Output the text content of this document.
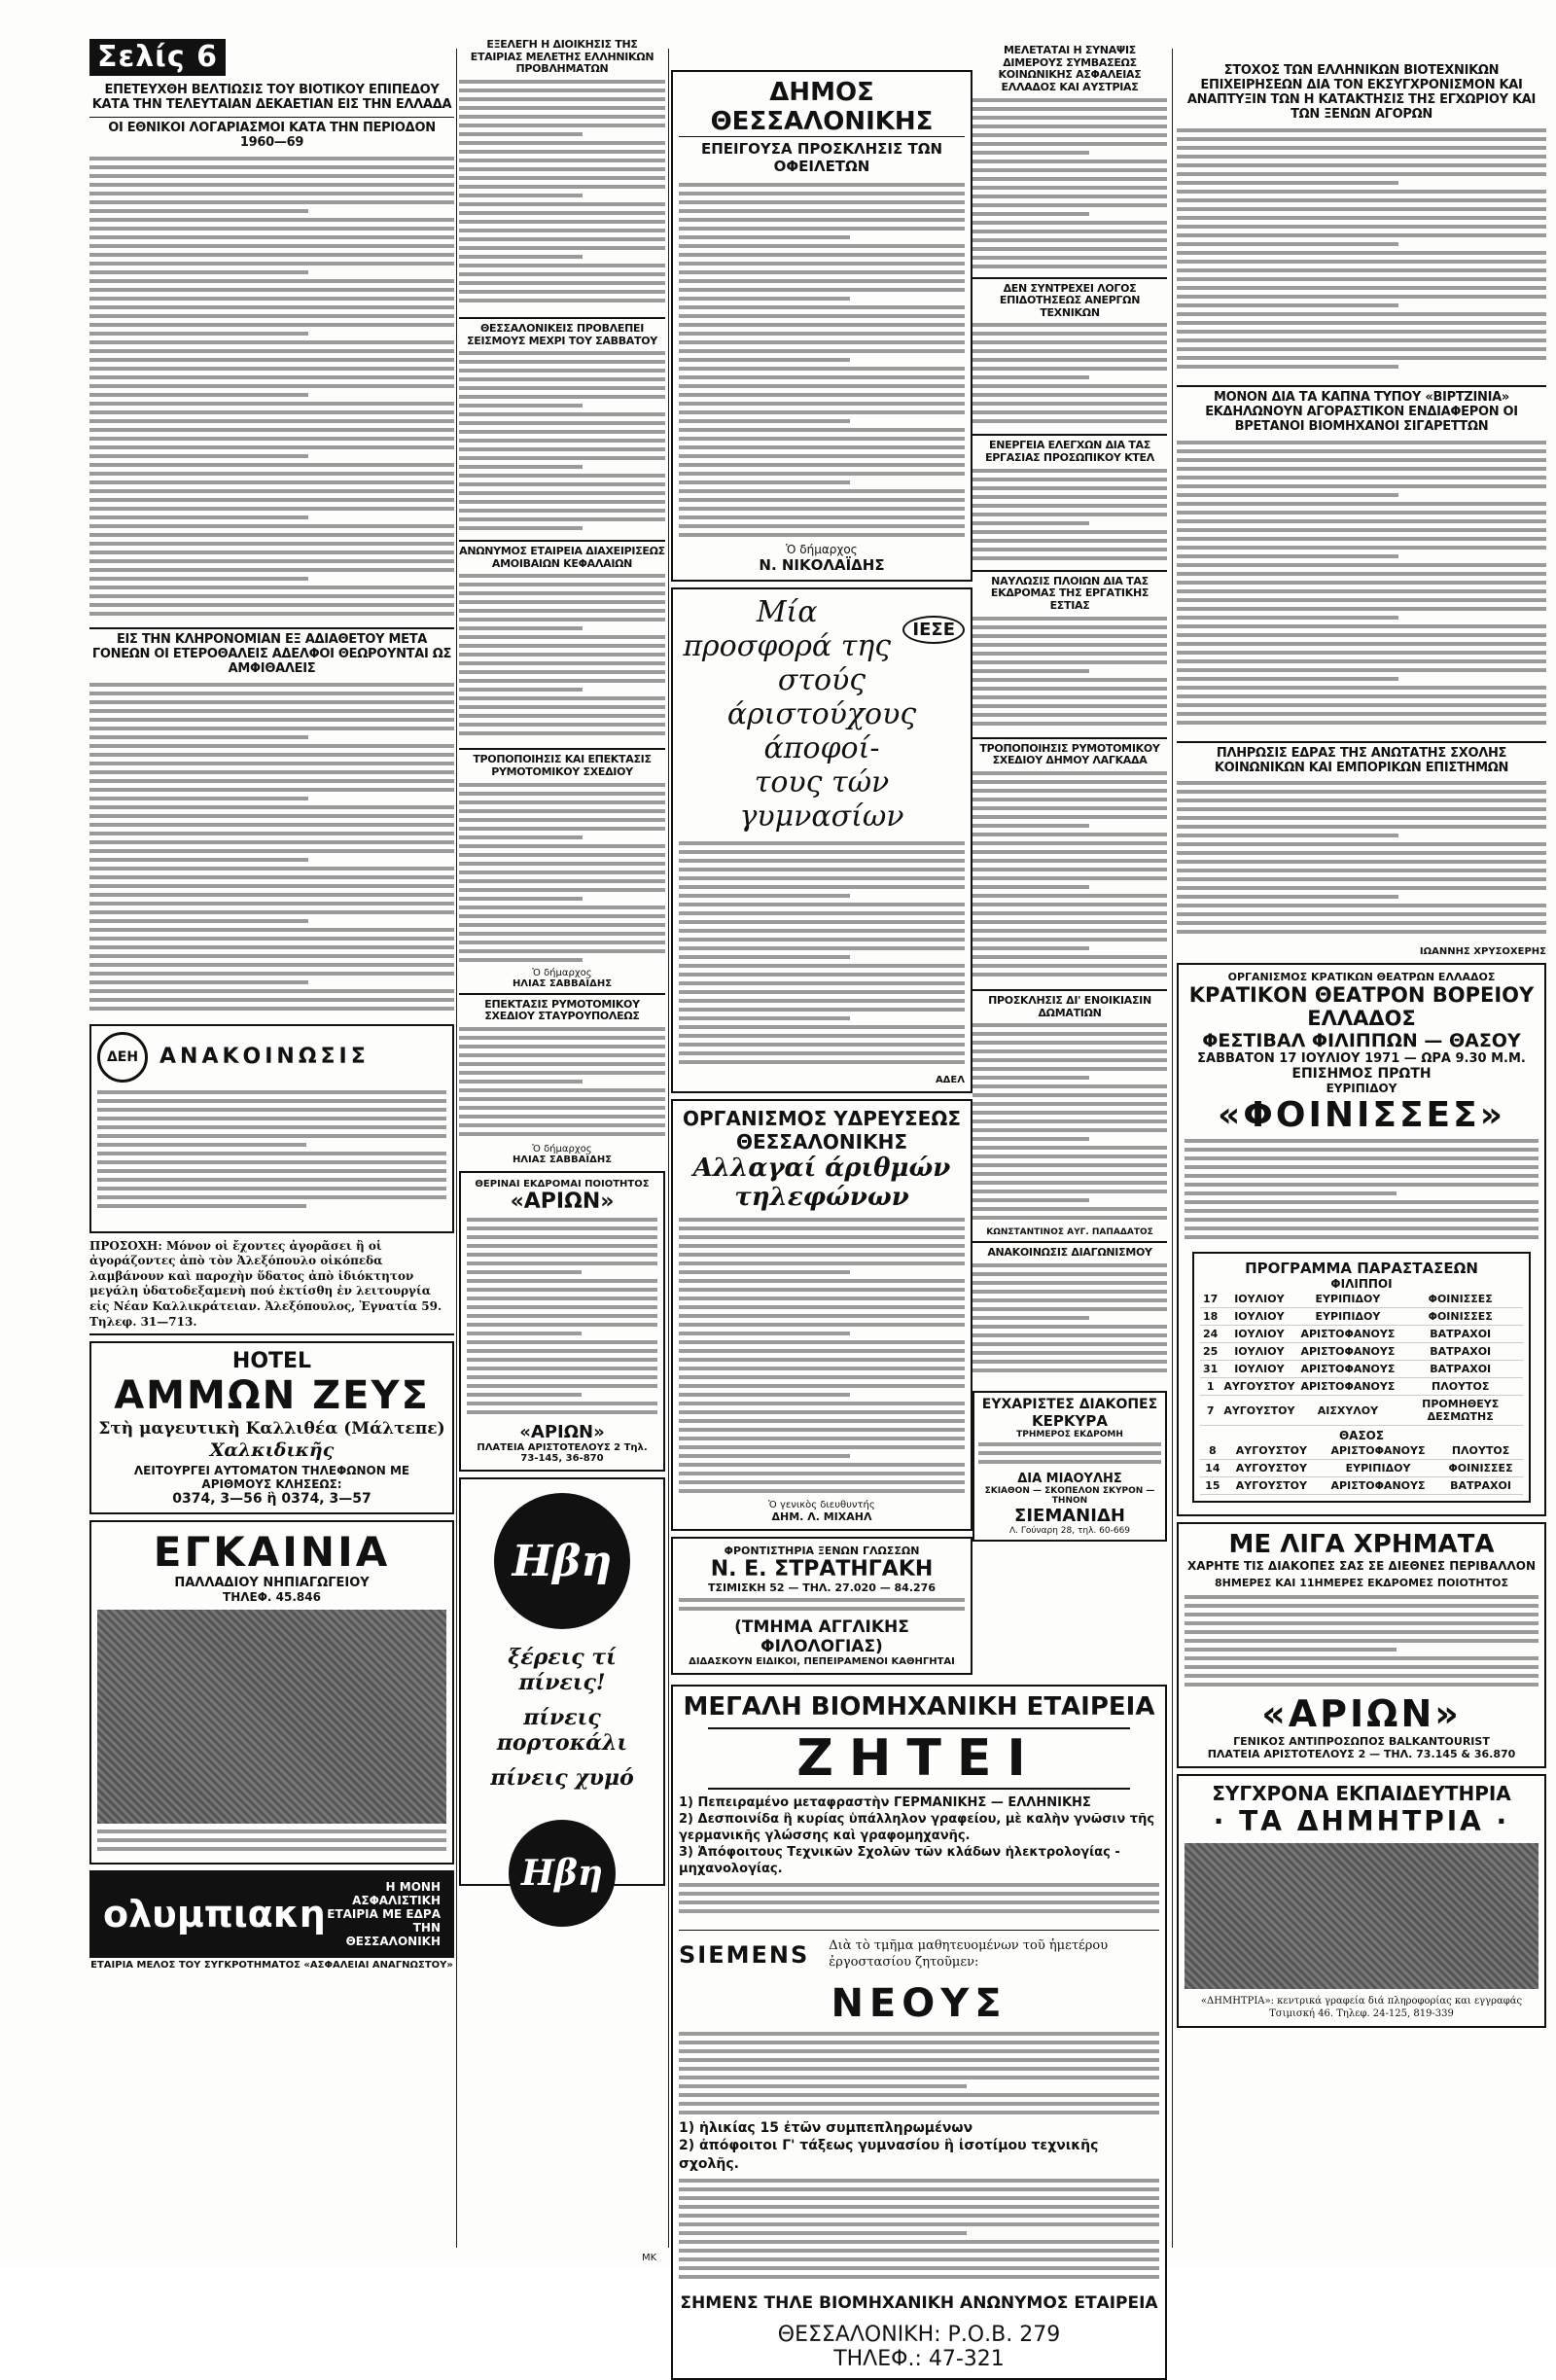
Σελίς 6
ΕΠΕΤΕΥΧΘΗ ΒΕΛΤΙΩΣΙΣ ΤΟΥ ΒΙΟΤΙΚΟΥ ΕΠΙΠΕΔΟΥ ΚΑΤΑ ΤΗΝ ΤΕΛΕΥΤΑΙΑΝ ΔΕΚΑΕΤΙΑΝ ΕΙΣ ΤΗΝ ΕΛΛΑΔΑ
ΟΙ ΕΘΝΙΚΟΙ ΛΟΓΑΡΙΑΣΜΟΙ ΚΑΤΑ ΤΗΝ ΠΕΡΙΟΔΟΝ 1960—69
ΕΙΣ ΤΗΝ ΚΛΗΡΟΝΟΜΙΑΝ ΕΞ ΑΔΙΑΘΕΤΟΥ ΜΕΤΑ ΓΟΝΕΩΝ ΟΙ ΕΤΕΡΟΘΑΛΕΙΣ ΑΔΕΛΦΟΙ ΘΕΩΡΟΥΝΤΑΙ ΩΣ ΑΜΦΙΘΑΛΕΙΣ
ΔΕΗ ΑΝΑΚΟΙΝΩΣΙΣ
ΠΡΟΣΟΧΗ: Μόνον οἱ ἔχοντες ἀγορᾶσει ἢ οἱ ἀγοράζοντες ἀπὸ τὸν Ἀλεξόπουλο οἰκόπεδα λαμβάνουν καὶ παροχὴν ὕδατος ἀπὸ ἰδιόκτητον μεγάλη ὑδατοδεξαμενὴ πού ἐκτίσθη ἐν λειτουργία εἰς Νέαν Καλλικράτειαν. Ἀλεξόπουλος, Ἐγνατία 59. Τηλεφ. 31—713.
HOTEL
ΑΜΜΩΝ ΖΕΥΣ
Στὴ μαγευτικὴ Καλλιθέα (Μάλτεπε)
Χαλκιδικῆς
ΛΕΙΤΟΥΡΓΕΙ ΑΥΤΟΜΑΤΟΝ ΤΗΛΕΦΩΝΟΝ ΜΕ ΑΡΙΘΜΟΥΣ ΚΛΗΣΕΩΣ:
0374, 3—56 ἢ 0374, 3—57
ΕΓΚΑΙΝΙΑ
ΠΑΛΛΑΔΙΟΥ ΝΗΠΙΑΓΩΓΕΙΟΥ
ΤΗΛΕΦ. 45.846
ολυμπιακη
Η ΜΟΝΗ ΑΣΦΑΛΙΣΤΙΚΗ ΕΤΑΙΡΙΑ ΜΕ ΕΔΡΑ ΤΗΝ ΘΕΣΣΑΛΟΝΙΚΗ
ΕΤΑΙΡΙΑ ΜΕΛΟΣ ΤΟΥ ΣΥΓΚΡΟΤΗΜΑΤΟΣ «ΑΣΦΑΛΕΙΑΙ ΑΝΑΓΝΩΣΤΟΥ»
ΕΞΕΛΕΓΗ Η ΔΙΟΙΚΗΣΙΣ ΤΗΣ ΕΤΑΙΡΙΑΣ ΜΕΛΕΤΗΣ ΕΛΛΗΝΙΚΩΝ ΠΡΟΒΛΗΜΑΤΩΝ
ΘΕΣΣΑΛΟΝΙΚΕΙΣ ΠΡΟΒΛΕΠΕΙ ΣΕΙΣΜΟΥΣ ΜΕΧΡΙ ΤΟΥ ΣΑΒΒΑΤΟΥ
ΑΝΩΝΥΜΟΣ ΕΤΑΙΡΕΙΑ ΔΙΑΧΕΙΡΙΣΕΩΣ ΑΜΟΙΒΑΙΩΝ ΚΕΦΑΛΑΙΩΝ
ΤΡΟΠΟΠΟΙΗΣΙΣ ΚΑΙ ΕΠΕΚΤΑΣΙΣ ΡΥΜΟΤΟΜΙΚΟΥ ΣΧΕΔΙΟΥ
Ὁ δήμαρχος
ΗΛΙΑΣ ΣΑΒΒΑΪΔΗΣ
ΕΠΕΚΤΑΣΙΣ ΡΥΜΟΤΟΜΙΚΟΥ ΣΧΕΔΙΟΥ ΣΤΑΥΡΟΥΠΟΛΕΩΣ
Ὁ δήμαρχος
ΗΛΙΑΣ ΣΑΒΒΑΪΔΗΣ
ΘΕΡΙΝΑΙ ΕΚΔΡΟΜΑΙ ΠΟΙΟΤΗΤΟΣ
«ΑΡΙΩΝ»
«ΑΡΙΩΝ»
ΠΛΑΤΕΙΑ ΑΡΙΣΤΟΤΕΛΟΥΣ 2 Τηλ. 73-145, 36-870
Ηβη
ξέρεις τί πίνεις!
πίνεις πορτοκάλι
πίνεις χυμό
Ηβη
ΔΗΜΟΣ ΘΕΣΣΑΛΟΝΙΚΗΣ
ΕΠΕΙΓΟΥΣΑ ΠΡΟΣΚΛΗΣΙΣ ΤΩΝ ΟΦΕΙΛΕΤΩΝ
Ὁ δήμαρχος
Ν. ΝΙΚΟΛΑΪΔΗΣ
Μία προσφορά της	ΙΕΣΕ
στούς άριστούχους άποφοί-
τους τών γυμνασίων
ΑΔΕΛ
ΟΡΓΑΝΙΣΜΟΣ ΥΔΡΕΥΣΕΩΣ ΘΕΣΣΑΛΟΝΙΚΗΣ
Αλλαγαί άριθμών τηλεφώνων
Ὁ γενικὸς διευθυντής
ΔΗΜ. Λ. ΜΙΧΑΗΛ
ΦΡΟΝΤΙΣΤΗΡΙΑ ΞΕΝΩΝ ΓΛΩΣΣΩΝ
Ν. Ε. ΣΤΡΑΤΗΓΑΚΗ
ΤΣΙΜΙΣΚΗ 52 — ΤΗΛ. 27.020 — 84.276
(ΤΜΗΜΑ ΑΓΓΛΙΚΗΣ ΦΙΛΟΛΟΓΙΑΣ)
ΔΙΔΑΣΚΟΥΝ ΕΙΔΙΚΟΙ, ΠΕΠΕΙΡΑΜΕΝΟΙ ΚΑΘΗΓΗΤΑΙ
ΜΕΓΑΛΗ ΒΙΟΜΗΧΑΝΙΚΗ ΕΤΑΙΡΕΙΑ
ΖΗΤΕΙ
1) Πεπειραμένο μεταφραστὴν ΓΕΡΜΑΝΙΚΗΣ — ΕΛΛΗΝΙΚΗΣ
2) Δεσποινίδα ἢ κυρίας ὑπάλληλον γραφείου, μὲ καλὴν γνῶσιν τῆς γερμανικῆς γλώσσης καὶ γραφομηχανῆς.
3) Ἀπόφοιτους Τεχνικῶν Σχολῶν τῶν κλάδων ἠλεκτρολογίας - μηχανολογίας.
SIEMENS Διὰ τὸ τμῆμα μαθητευομένων τοῦ ἡμετέρου ἐργοστασίου ζητοῦμεν:
ΝΕΟΥΣ
1) ἡλικίας 15 ἐτῶν συμπεπληρωμένων
2) ἀπόφοιτοι Γ' τάξεως γυμνασίου ἢ ἰσοτίμου τεχνικῆς σχολῆς.
ΣΗΜΕΝΣ ΤΗΛΕ ΒΙΟΜΗΧΑΝΙΚΗ ΑΝΩΝΥΜΟΣ ΕΤΑΙΡΕΙΑ
ΘΕΣΣΑΛΟΝΙΚΗ: Ρ.Ο.Β. 279
ΤΗΛΕΦ.: 47-321
ΜΕΛΕΤΑΤΑΙ Η ΣΥΝΑΨΙΣ ΔΙΜΕΡΟΥΣ ΣΥΜΒΑΣΕΩΣ ΚΟΙΝΩΝΙΚΗΣ ΑΣΦΑΛΕΙΑΣ ΕΛΛΑΔΟΣ ΚΑΙ ΑΥΣΤΡΙΑΣ
ΔΕΝ ΣΥΝΤΡΕΧΕΙ ΛΟΓΟΣ ΕΠΙΔΟΤΗΣΕΩΣ ΑΝΕΡΓΩΝ ΤΕΧΝΙΚΩΝ
ΕΝΕΡΓΕΙΑ ΕΛΕΓΧΩΝ ΔΙΑ ΤΑΣ ΕΡΓΑΣΙΑΣ ΠΡΟΣΩΠΙΚΟΥ ΚΤΕΛ
ΝΑΥΛΩΣΙΣ ΠΛΟΙΩΝ ΔΙΑ ΤΑΣ ΕΚΔΡΟΜΑΣ ΤΗΣ ΕΡΓΑΤΙΚΗΣ ΕΣΤΙΑΣ
ΤΡΟΠΟΠΟΙΗΣΙΣ ΡΥΜΟΤΟΜΙΚΟΥ ΣΧΕΔΙΟΥ ΔΗΜΟΥ ΛΑΓΚΑΔΑ
ΠΡΟΣΚΛΗΣΙΣ ΔΙ' ΕΝΟΙΚΙΑΣΙΝ ΔΩΜΑΤΙΩΝ
ΚΩΝΣΤΑΝΤΙΝΟΣ ΑΥΓ. ΠΑΠΑΔΑΤΟΣ
ΑΝΑΚΟΙΝΩΣΙΣ ΔΙΑΓΩΝΙΣΜΟΥ
ΕΥΧΑΡΙΣΤΕΣ ΔΙΑΚΟΠΕΣ
ΚΕΡΚΥΡΑ
ΤΡΗΜΕΡΟΣ ΕΚΔΡΟΜΗ
ΔΙΑ ΜΙΑΟΥΛΗΣ
ΣΚΙΑΘΟΝ — ΣΚΟΠΕΛΟΝ ΣΚΥΡΟΝ — ΤΗΝΟΝ
ΣΙΕΜΑΝΙΔΗ
Λ. Γούναρη 28, τηλ. 60-669
ΣΤΟΧΟΣ ΤΩΝ ΕΛΛΗΝΙΚΩΝ ΒΙΟΤΕΧΝΙΚΩΝ ΕΠΙΧΕΙΡΗΣΕΩΝ ΔΙΑ ΤΟΝ ΕΚΣΥΓΧΡΟΝΙΣΜΟΝ ΚΑΙ ΑΝΑΠΤΥΞΙΝ ΤΩΝ Η ΚΑΤΑΚΤΗΣΙΣ ΤΗΣ ΕΓΧΩΡΙΟΥ ΚΑΙ ΤΩΝ ΞΕΝΩΝ ΑΓΟΡΩΝ
ΜΟΝΟΝ ΔΙΑ ΤΑ ΚΑΠΝΑ ΤΥΠΟΥ «ΒΙΡΤΖΙΝΙΑ» ΕΚΔΗΛΩΝΟΥΝ ΑΓΟΡΑΣΤΙΚΟΝ ΕΝΔΙΑΦΕΡΟΝ ΟΙ ΒΡΕΤΑΝΟΙ ΒΙΟΜΗΧΑΝΟΙ ΣΙΓΑΡΕΤΤΩΝ
ΠΛΗΡΩΣΙΣ ΕΔΡΑΣ ΤΗΣ ΑΝΩΤΑΤΗΣ ΣΧΟΛΗΣ ΚΟΙΝΩΝΙΚΩΝ ΚΑΙ ΕΜΠΟΡΙΚΩΝ ΕΠΙΣΤΗΜΩΝ
ΙΩΑΝΝΗΣ ΧΡΥΣΟΧΕΡΗΣ
ΟΡΓΑΝΙΣΜΟΣ ΚΡΑΤΙΚΩΝ ΘΕΑΤΡΩΝ ΕΛΛΑΔΟΣ
ΚΡΑΤΙΚΟΝ ΘΕΑΤΡΟΝ ΒΟΡΕΙΟΥ ΕΛΛΑΔΟΣ
ΦΕΣΤΙΒΑΛ ΦΙΛΙΠΠΩΝ — ΘΑΣΟΥ
ΣΑΒΒΑΤΟΝ 17 ΙΟΥΛΙΟΥ 1971 — ΩΡΑ 9.30 Μ.Μ.
ΕΠΙΣΗΜΟΣ ΠΡΩΤΗ
ΕΥΡΙΠΙΔΟΥ
«ΦΟΙΝΙΣΣΕΣ»
ΠΡΟΓΡΑΜΜΑ ΠΑΡΑΣΤΑΣΕΩΝ
ΦΙΛΙΠΠΟΙ
17	ΙΟΥΛΙΟΥ	ΕΥΡΙΠΙΔΟΥ	ΦΟΙΝΙΣΣΕΣ
18	ΙΟΥΛΙΟΥ	ΕΥΡΙΠΙΔΟΥ	ΦΟΙΝΙΣΣΕΣ
24	ΙΟΥΛΙΟΥ	ΑΡΙΣΤΟΦΑΝΟΥΣ	ΒΑΤΡΑΧΟΙ
25	ΙΟΥΛΙΟΥ	ΑΡΙΣΤΟΦΑΝΟΥΣ	ΒΑΤΡΑΧΟΙ
31	ΙΟΥΛΙΟΥ	ΑΡΙΣΤΟΦΑΝΟΥΣ	ΒΑΤΡΑΧΟΙ
1	ΑΥΓΟΥΣΤΟΥ	ΑΡΙΣΤΟΦΑΝΟΥΣ	ΠΛΟΥΤΟΣ
7	ΑΥΓΟΥΣΤΟΥ	ΑΙΣΧΥΛΟΥ	ΠΡΟΜΗΘΕΥΣ ΔΕΣΜΩΤΗΣ
ΘΑΣΟΣ
8	ΑΥΓΟΥΣΤΟΥ	ΑΡΙΣΤΟΦΑΝΟΥΣ	ΠΛΟΥΤΟΣ
14	ΑΥΓΟΥΣΤΟΥ	ΕΥΡΙΠΙΔΟΥ	ΦΟΙΝΙΣΣΕΣ
15	ΑΥΓΟΥΣΤΟΥ	ΑΡΙΣΤΟΦΑΝΟΥΣ	ΒΑΤΡΑΧΟΙ
ΜΕ ΛΙΓΑ ΧΡΗΜΑΤΑ
ΧΑΡΗΤΕ ΤΙΣ ΔΙΑΚΟΠΕΣ ΣΑΣ ΣΕ ΔΙΕΘΝΕΣ ΠΕΡΙΒΑΛΛΟΝ
8ΗΜΕΡΕΣ ΚΑΙ 11ΗΜΕΡΕΣ ΕΚΔΡΟΜΕΣ ΠΟΙΟΤΗΤΟΣ
«ΑΡΙΩΝ»
ΓΕΝΙΚΟΣ ΑΝΤΙΠΡΟΣΩΠΟΣ BALKANTOURIST
ΠΛΑΤΕΙΑ ΑΡΙΣΤΟΤΕΛΟΥΣ 2 — ΤΗΛ. 73.145 & 36.870
ΣΥΓΧΡΟΝΑ ΕΚΠΑΙΔΕΥΤΗΡΙΑ
· ΤΑ ΔΗΜΗΤΡΙΑ ·
«ΔΗΜΗΤΡΙΑ»: κεντρικά γραφεία διά πληροφορίας και εγγραφάς Τσιμισκή 46. Τηλεφ. 24-125, 819-339
ΜΚ
